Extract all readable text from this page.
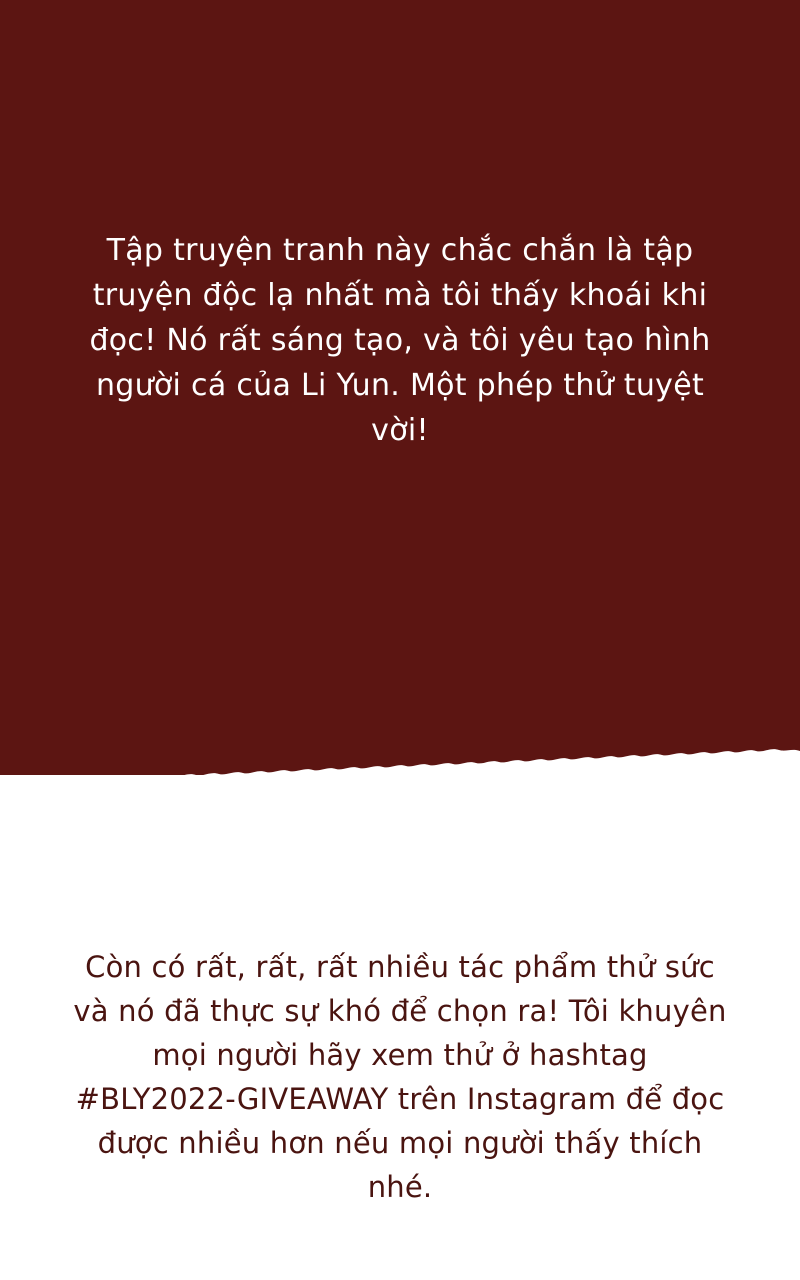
Tập truyện tranh này chắc chắn là tập truyện độc lạ nhất mà tôi thấy khoái khi đọc! Nó rất sáng tạo, và tôi yêu tạo hình người cá của Li Yun. Một phép thử tuyệt vời!
Còn có rất, rất, rất nhiều tác phẩm thử sức và nó đã thực sự khó để chọn ra! Tôi khuyên mọi người hãy xem thử ở hashtag #BLY2022-GIVEAWAY trên Instagram để đọc được nhiều hơn nếu mọi người thấy thích nhé.
